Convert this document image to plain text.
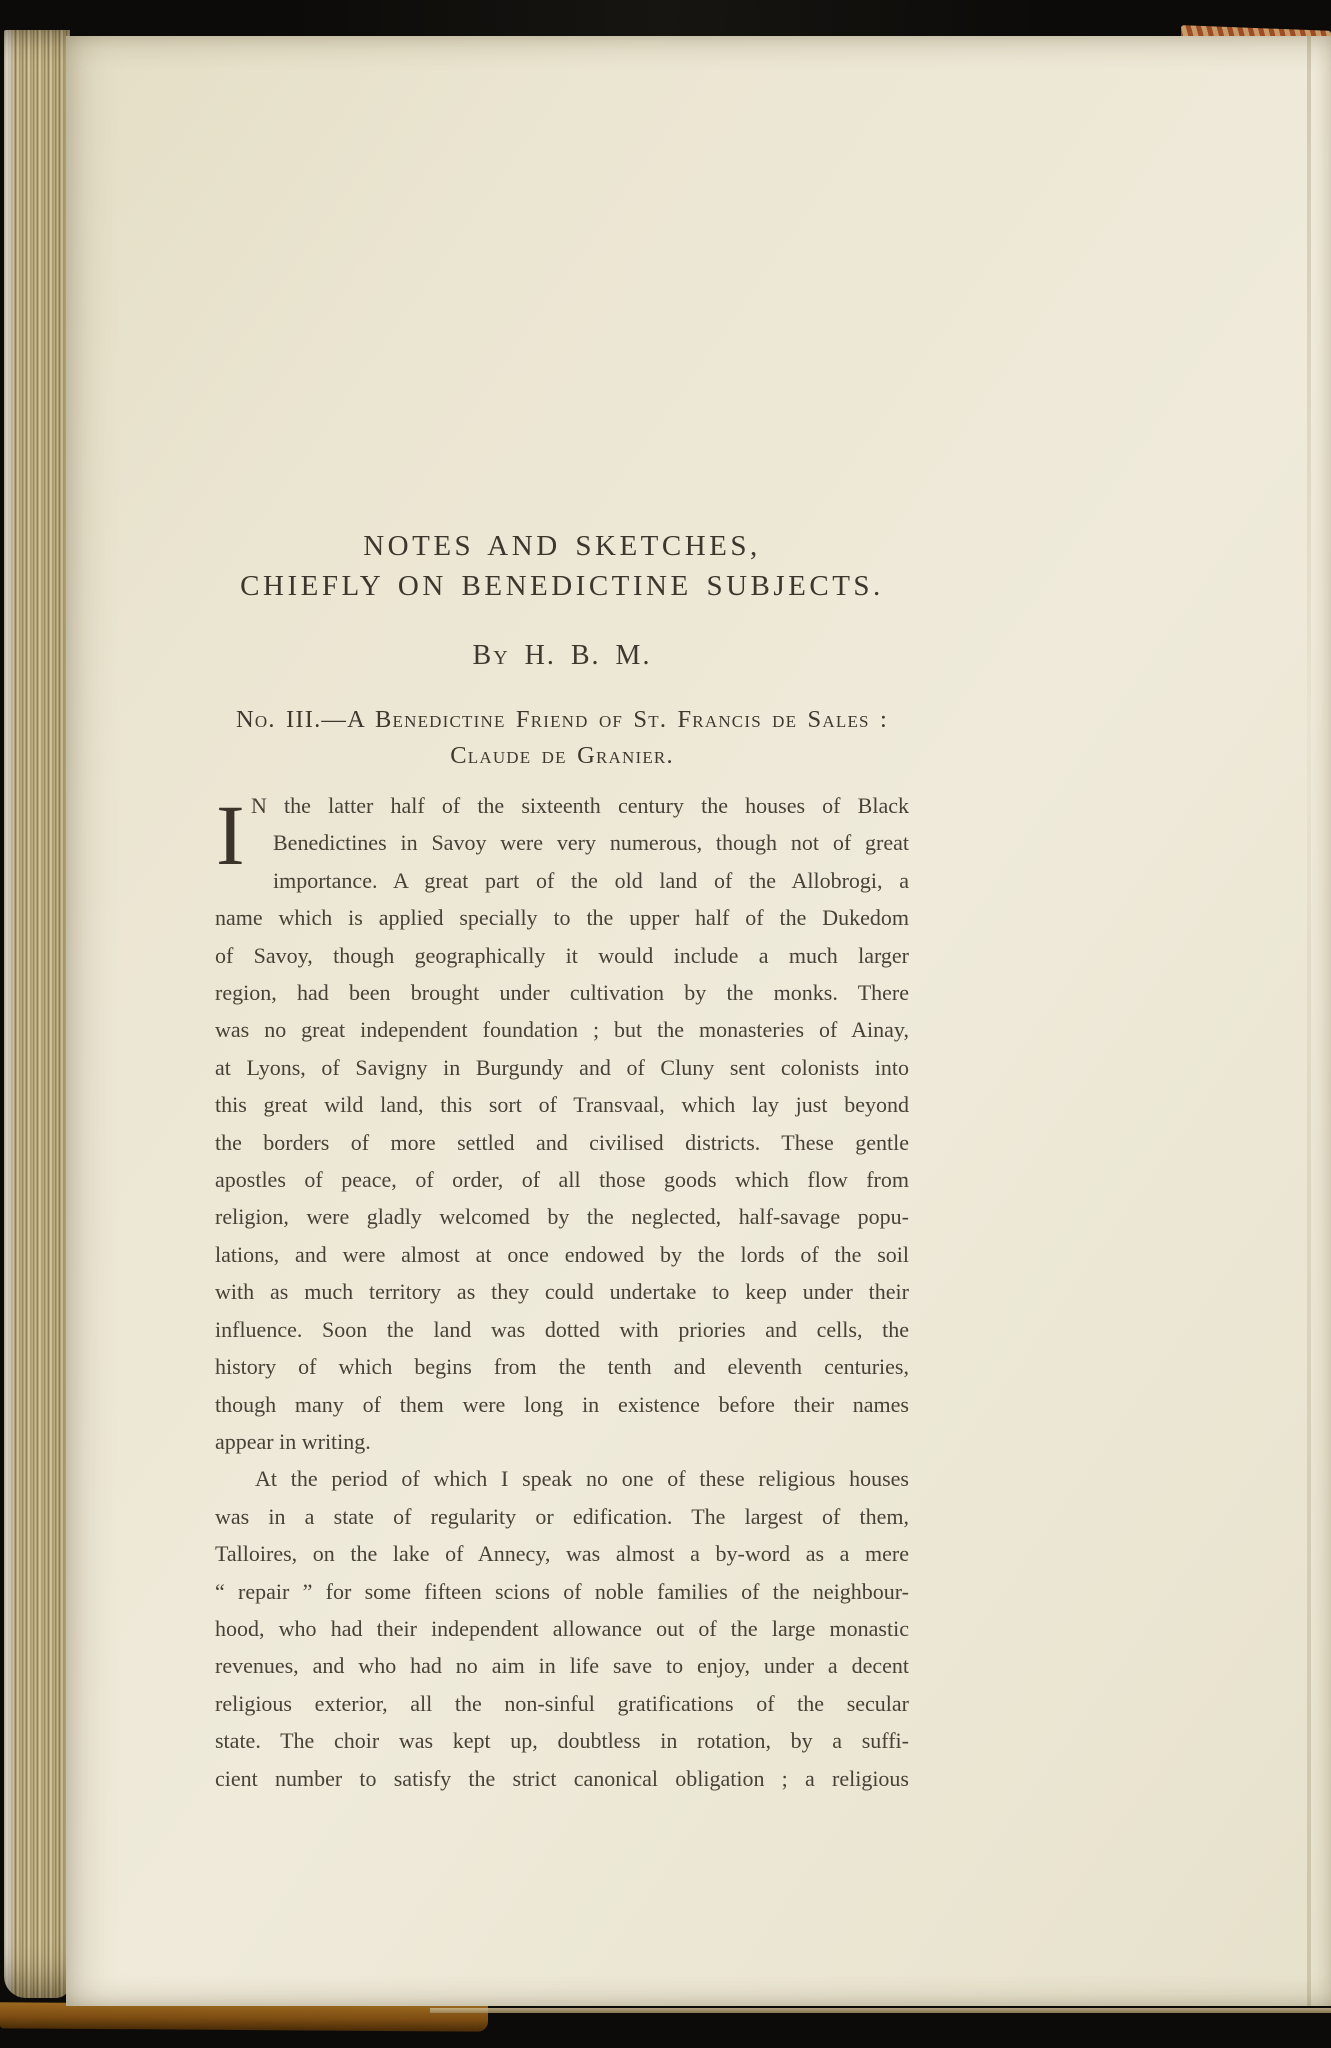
NOTES AND SKETCHES,
CHIEFLY ON BENEDICTINE SUBJECTS.

By H. B. M.

No. III.—A Benedictine Friend of St. Francis de Sales :
Claude de Granier.
I N the latter half of the sixteenth century the houses of Black
Benedictines in Savoy were very numerous, though not of great
importance. A great part of the old land of the Allobrogi, a
name which is applied specially to the upper half of the Dukedom
of Savoy, though geographically it would include a much larger
region, had been brought under cultivation by the monks. There
was no great independent foundation ; but the monasteries of Ainay,
at Lyons, of Savigny in Burgundy and of Cluny sent colonists into
this great wild land, this sort of Transvaal, which lay just beyond
the borders of more settled and civilised districts. These gentle
apostles of peace, of order, of all those goods which flow from
religion, were gladly welcomed by the neglected, half-savage popu-
lations, and were almost at once endowed by the lords of the soil
with as much territory as they could undertake to keep under their
influence. Soon the land was dotted with priories and cells, the
history of which begins from the tenth and eleventh centuries,
though many of them were long in existence before their names
appear in writing.
At the period of which I speak no one of these religious houses
was in a state of regularity or edification. The largest of them,
Talloires, on the lake of Annecy, was almost a by-word as a mere
“ repair ” for some fifteen scions of noble families of the neighbour-
hood, who had their independent allowance out of the large monastic
revenues, and who had no aim in life save to enjoy, under a decent
religious exterior, all the non-sinful gratifications of the secular
state. The choir was kept up, doubtless in rotation, by a suffi-
cient number to satisfy the strict canonical obligation ; a religious
